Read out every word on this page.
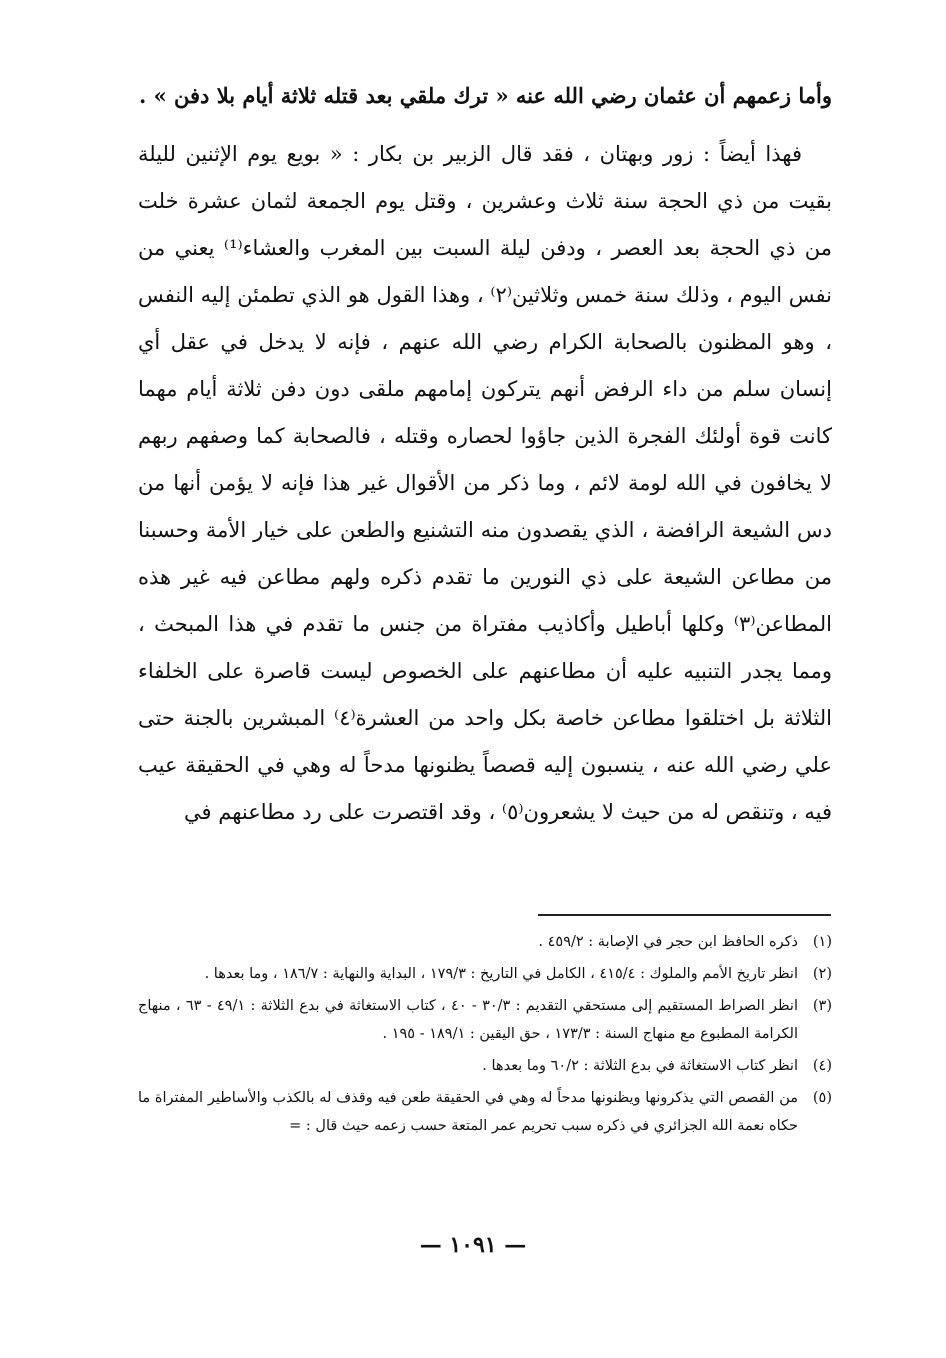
وأما زعمهم أن عثمان رضي الله عنه « ترك ملقي بعد قتله ثلاثة أيام بلا دفن » .

فهذا أيضاً : زور وبهتان ، فقد قال الزبير بن بكار : « بويع يوم الإثنين لليلة بقيت من ذي الحجة سنة ثلاث وعشرين ، وقتل يوم الجمعة لثمان عشرة خلت من ذي الحجة بعد العصر ، ودفن ليلة السبت بين المغرب والعشاء⁽¹⁾ يعني من نفس اليوم ، وذلك سنة خمس وثلاثين⁽٢⁾ ، وهذا القول هو الذي تطمئن إليه النفس ، وهو المظنون بالصحابة الكرام رضي الله عنهم ، فإنه لا يدخل في عقل أي إنسان سلم من داء الرفض أنهم يتركون إمامهم ملقى دون دفن ثلاثة أيام مهما كانت قوة أولئك الفجرة الذين جاؤوا لحصاره وقتله ، فالصحابة كما وصفهم ربهم لا يخافون في الله لومة لائم ، وما ذكر من الأقوال غير هذا فإنه لا يؤمن أنها من دس الشيعة الرافضة ، الذي يقصدون منه التشنيع والطعن على خيار الأمة وحسبنا من مطاعن الشيعة على ذي النورين ما تقدم ذكره ولهم مطاعن فيه غير هذه المطاعن⁽٣⁾ وكلها أباطيل وأكاذيب مفتراة من جنس ما تقدم في هذا المبحث ، ومما يجدر التنبيه عليه أن مطاعنهم على الخصوص ليست قاصرة على الخلفاء الثلاثة بل اختلقوا مطاعن خاصة بكل واحد من العشرة⁽٤⁾ المبشرين بالجنة حتى علي رضي الله عنه ، ينسبون إليه قصصاً يظنونها مدحاً له وهي في الحقيقة عيب فيه ، وتنقص له من حيث لا يشعرون⁽٥⁾ ، وقد اقتصرت على رد مطاعنهم في

(١)
ذكره الحافظ ابن حجر في الإصابة : ٤٥٩/٢ .
(٢)
انظر تاريخ الأمم والملوك : ٤١٥/٤ ، الكامل في التاريخ : ١٧٩/٣ ، البداية والنهاية : ١٨٦/٧ ، وما بعدها .
(٣)
انظر الصراط المستقيم إلى مستحقي التقديم : ٣٠/٣ - ٤٠ ، كتاب الاستغاثة في بدع الثلاثة : ٤٩/١ - ٦٣ ، منهاج الكرامة المطبوع مع منهاج السنة : ١٧٣/٣ ، حق اليقين : ١٨٩/١ - ١٩٥ .
(٤)
انظر كتاب الاستغاثة في بدع الثلاثة : ٦٠/٢ وما بعدها .
(٥)
من القصص التي يذكرونها ويظنونها مدحاً له وهي في الحقيقة طعن فيه وقذف له بالكذب والأساطير المفتراة ما حكاه نعمة الله الجزائري في ذكره سبب تحريم عمر المتعة حسب زعمه حيث قال : =
— ١٠٩١ —
